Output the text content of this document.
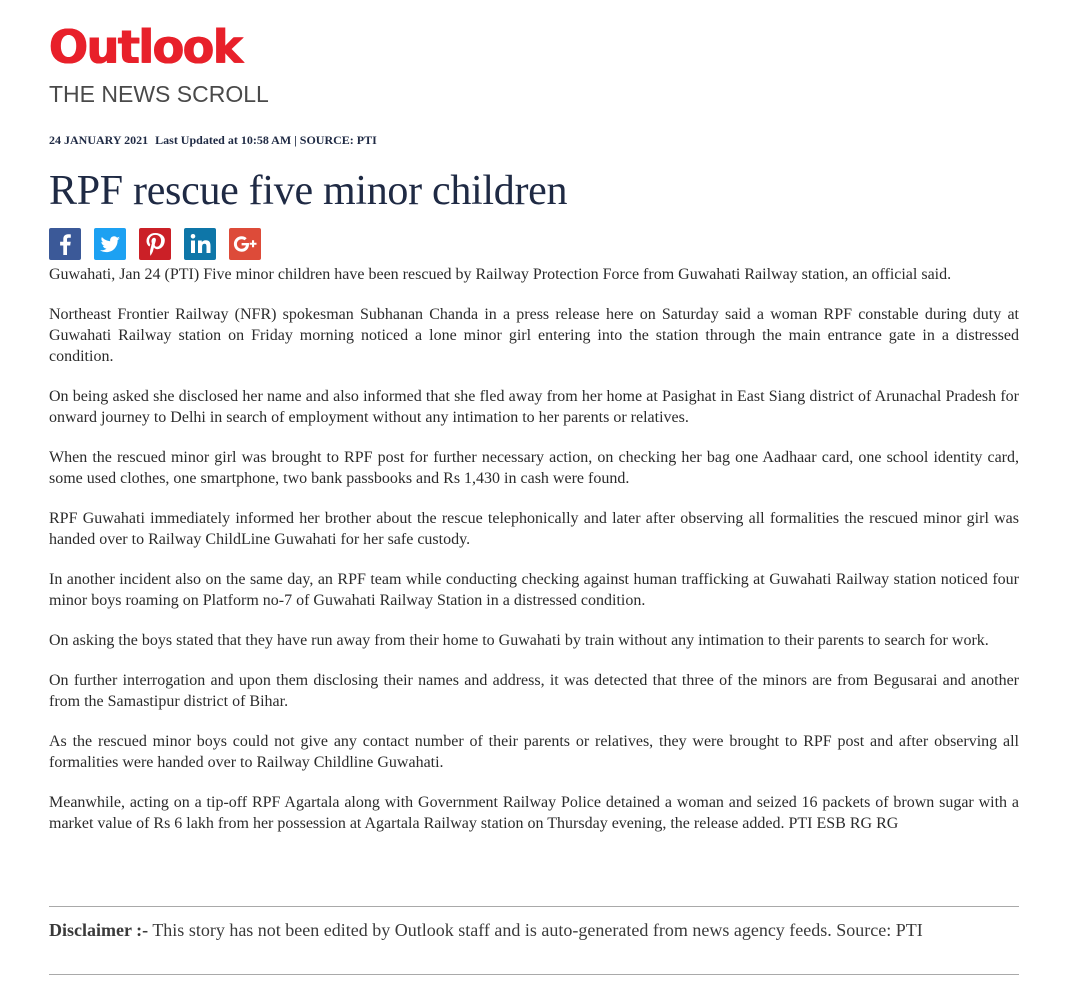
Outlook
THE NEWS SCROLL
24 JANUARY 2021 Last Updated at 10:58 AM | SOURCE: PTI
RPF rescue five minor children

Guwahati, Jan 24 (PTI) Five minor children have been rescued by Railway Protection Force from Guwahati Railway station, an official said.

Northeast Frontier Railway (NFR) spokesman Subhanan Chanda in a press release here on Saturday said a woman RPF constable during duty at Guwahati Railway station on Friday morning noticed a lone minor girl entering into the station through the main entrance gate in a distressed condition.

On being asked she disclosed her name and also informed that she fled away from her home at Pasighat in East Siang district of Arunachal Pradesh for onward journey to Delhi in search of employment without any intimation to her parents or relatives.

When the rescued minor girl was brought to RPF post for further necessary action, on checking her bag one Aadhaar card, one school identity card, some used clothes, one smartphone, two bank passbooks and Rs 1,430 in cash were found.

RPF Guwahati immediately informed her brother about the rescue telephonically and later after observing all formalities the rescued minor girl was handed over to Railway ChildLine Guwahati for her safe custody.

In another incident also on the same day, an RPF team while conducting checking against human trafficking at Guwahati Railway station noticed four minor boys roaming on Platform no-7 of Guwahati Railway Station in a distressed condition.

On asking the boys stated that they have run away from their home to Guwahati by train without any intimation to their parents to search for work.

On further interrogation and upon them disclosing their names and address, it was detected that three of the minors are from Begusarai and another from the Samastipur district of Bihar.

As the rescued minor boys could not give any contact number of their parents or relatives, they were brought to RPF post and after observing all formalities were handed over to Railway Childline Guwahati.

Meanwhile, acting on a tip-off RPF Agartala along with Government Railway Police detained a woman and seized 16 packets of brown sugar with a market value of Rs 6 lakh from her possession at Agartala Railway station on Thursday evening, the release added. PTI ESB RG RG

Disclaimer :- This story has not been edited by Outlook staff and is auto-generated from news agency feeds. Source: PTI
